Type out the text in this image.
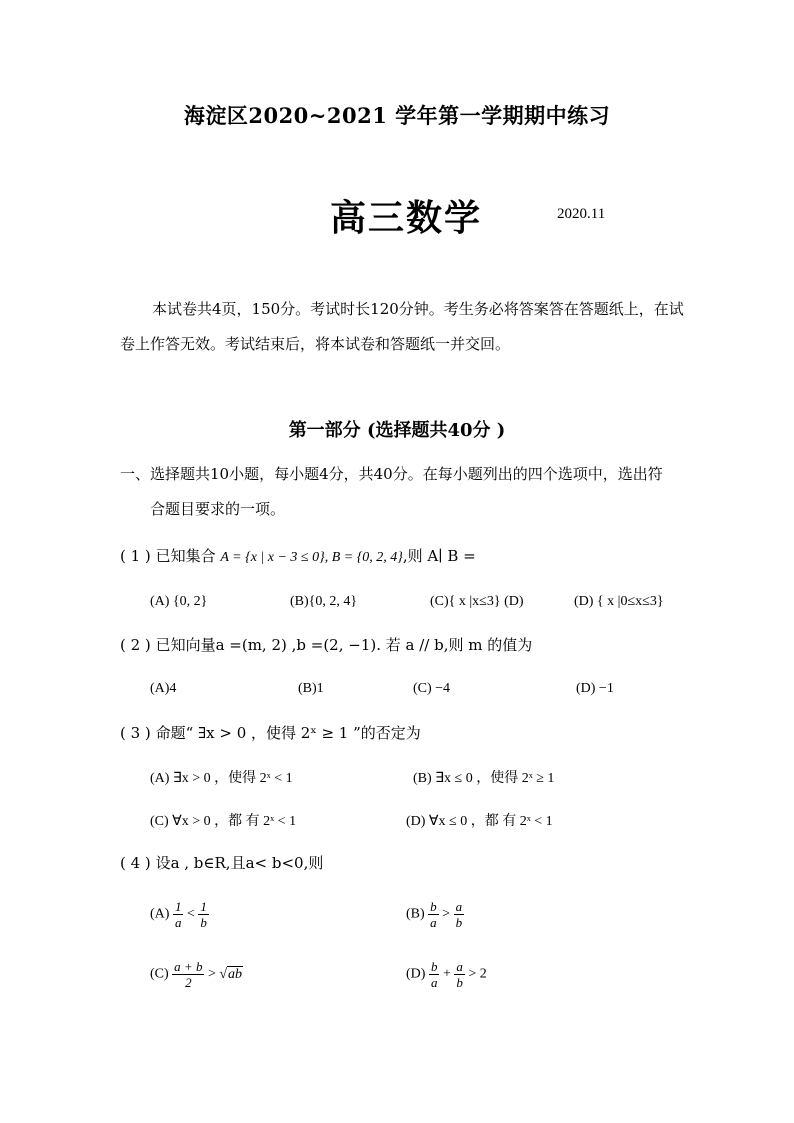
海淀区2020~2021 学年第一学期期中练习
高三数学	2020.11
本试卷共4页，150分。考试时长120分钟。考生务必将答案答在答题纸上，在试卷上作答无效。考试结束后，将本试卷和答题纸一并交回。
第一部分 (选择题共40分 )
一、选择题共10小题，每小题4分，共40分。在每小题列出的四个选项中，选出符
合题目要求的一项。
( 1 ) 已知集合 A = {x | x − 3 ≤ 0}, B = {0, 2, 4},则 A∣ B =
(A) {0, 2}	(B){0, 2, 4}	(C){ x |x≤3} (D)	(D) { x |0≤x≤3}
( 2 ) 已知向量a =(m, 2) ,b =(2, −1). 若 a // b,则 m 的值为
(A)4	(B)1	(C) −4	(D) −1
( 3 ) 命题“ ∃x > 0 ，使得 2ˣ ≥ 1 ”的否定为
(A) ∃x > 0 ，使得 2ˣ < 1	(B) ∃x ≤ 0 ，使得 2ˣ ≥ 1
(C) ∀x > 0 ，都 有 2ˣ < 1	(D) ∀x ≤ 0 ，都 有 2ˣ < 1
( 4 ) 设a , b∈R,且a< b<0,则
$(A) \frac{1}{a} < \frac{1}{b}$	$(B) \frac{b}{a} > \frac{a}{b}$
$(C) \frac{a + b}{2} > √ab$	$(D) \frac{b}{a} + \frac{a}{b} > 2$
